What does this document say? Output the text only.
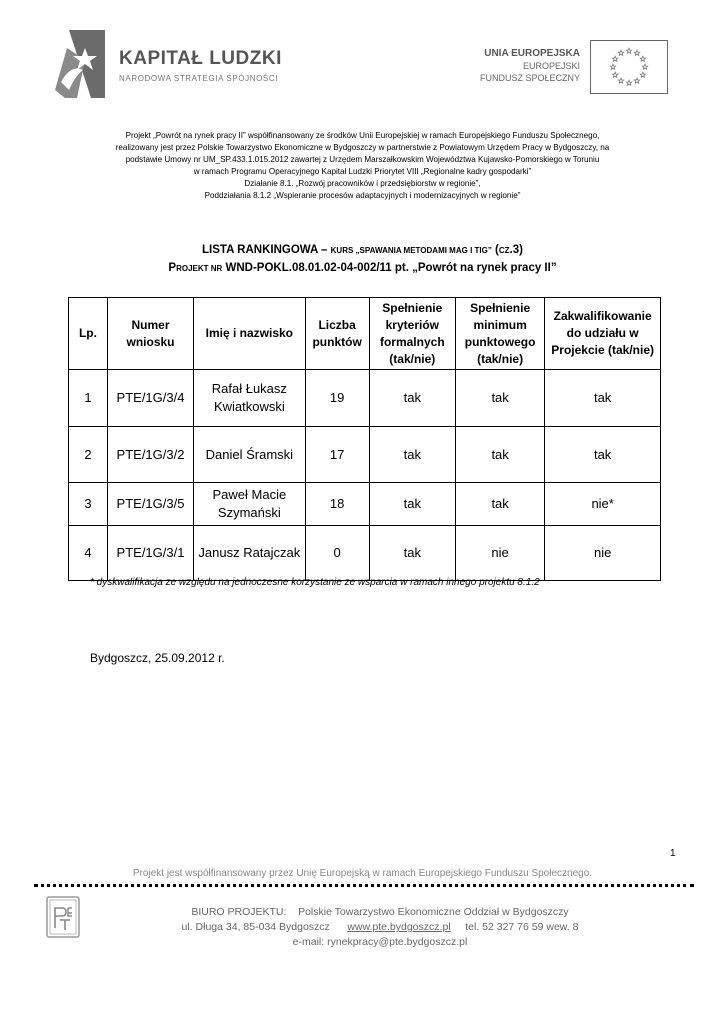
KAPITAŁ LUDZKI
NARODOWA STRATEGIA SPÓJNOŚCI
UNIA EUROPEJSKA
EUROPEJSKI
FUNDUSZ SPOŁECZNY
Projekt „Powrót na rynek pracy II” współfinansowany ze środków Unii Europejskiej w ramach Europejskiego Funduszu Społecznego,
realizowany jest przez Polskie Towarzystwo Ekonomiczne w Bydgoszczy w partnerstwie z Powiatowym Urzędem Pracy w Bydgoszczy, na
podstawie Umowy nr UM_SP.433.1.015.2012 zawartej z Urzędem Marszałkowskim Województwa Kujawsko-Pomorskiego w Toruniu
w ramach Programu Operacyjnego Kapitał Ludzki Priorytet VIII „Regionalne kadry gospodarki”
Działanie 8.1. „Rozwój pracowników i przedsiębiorstw w regionie”,
Poddziałania 8.1.2 „Wspieranie procesów adaptacyjnych i modernizacyjnych w regionie”
LISTA RANKINGOWA – KURS „SPAWANIA METODAMI MAG I TIG” (CZ.3)
PROJEKT NR WND-POKL.08.01.02-04-002/11 pt. „Powrót na rynek pracy II”
Lp.	Numer wniosku	Imię i nazwisko	Liczba punktów	Spełnienie kryteriów formalnych (tak/nie)	Spełnienie minimum punktowego (tak/nie)	Zakwalifikowanie do udziału w Projekcie (tak/nie)
1	PTE/1G/3/4	Rafał Łukasz Kwiatkowski	19	tak	tak	tak
2	PTE/1G/3/2	Daniel Śramski	17	tak	tak	tak
3	PTE/1G/3/5	Paweł Macie Szymański	18	tak	tak	nie*
4	PTE/1G/3/1	Janusz Ratajczak	0	tak	nie	nie
* dyskwalifikacja ze względu na jednoczesne korzystanie ze wsparcia w ramach innego projektu 8.1.2
Bydgoszcz, 25.09.2012 r.
1
Projekt jest współfinansowany przez Unię Europejską w ramach Europejskiego Funduszu Społecznego.
BIURO PROJEKTU: Polskie Towarzystwo Ekonomiczne Oddział w Bydgoszczy
ul. Długa 34, 85-034 Bydgoszcz www.pte.bydgoszcz.pl tel. 52 327 76 59 wew. 8
e-mail: rynekpracy@pte.bydgoszcz.pl
